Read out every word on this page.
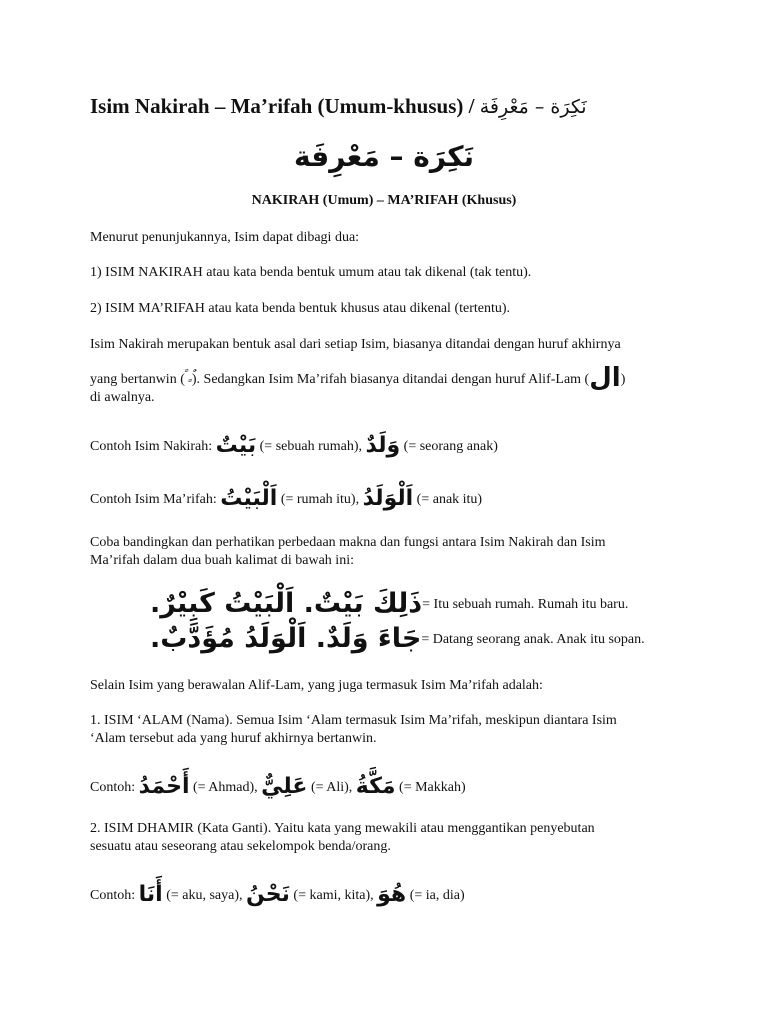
Isim Nakirah – Ma’rifah (Umum-khusus) / نَكِرَة – مَعْرِفَة
نَكِرَة – مَعْرِفَة
NAKIRAH (Umum) – MA’RIFAH (Khusus)
Menurut penunjukannya, Isim dapat dibagi dua:
1) ISIM NAKIRAH atau kata benda bentuk umum atau tak dikenal (tak tentu).
2) ISIM MA’RIFAH atau kata benda bentuk khusus atau dikenal (tertentu).
Isim Nakirah merupakan bentuk asal dari setiap Isim, biasanya ditandai dengan huruf akhirnya
yang bertanwin (ٌ ٍ ً). Sedangkan Isim Ma’rifah biasanya ditandai dengan huruf Alif-Lam (ال)
di awalnya.
Contoh Isim Nakirah: بَيْتٌ (= sebuah rumah), وَلَدٌ (= seorang anak)
Contoh Isim Ma’rifah: اَلْبَيْتُ (= rumah itu), اَلْوَلَدُ (= anak itu)
Coba bandingkan dan perhatikan perbedaan makna dan fungsi antara Isim Nakirah dan Isim
Ma’rifah dalam dua buah kalimat di bawah ini:
ذَلِكَ بَيْتٌ. اَلْبَيْتُ كَبِيْرٌ.= Itu sebuah rumah. Rumah itu baru.
جَاءَ وَلَدٌ. اَلْوَلَدُ مُؤَدَّبٌ.= Datang seorang anak. Anak itu sopan.
Selain Isim yang berawalan Alif-Lam, yang juga termasuk Isim Ma’rifah adalah:
1. ISIM ‘ALAM (Nama). Semua Isim ‘Alam termasuk Isim Ma’rifah, meskipun diantara Isim
‘Alam tersebut ada yang huruf akhirnya bertanwin.
Contoh: أَحْمَدُ (= Ahmad), عَلِيٌّ (= Ali), مَكَّةُ (= Makkah)
2. ISIM DHAMIR (Kata Ganti). Yaitu kata yang mewakili atau menggantikan penyebutan
sesuatu atau seseorang atau sekelompok benda/orang.
Contoh: أَنَا (= aku, saya), نَحْنُ (= kami, kita), هُوَ (= ia, dia)
